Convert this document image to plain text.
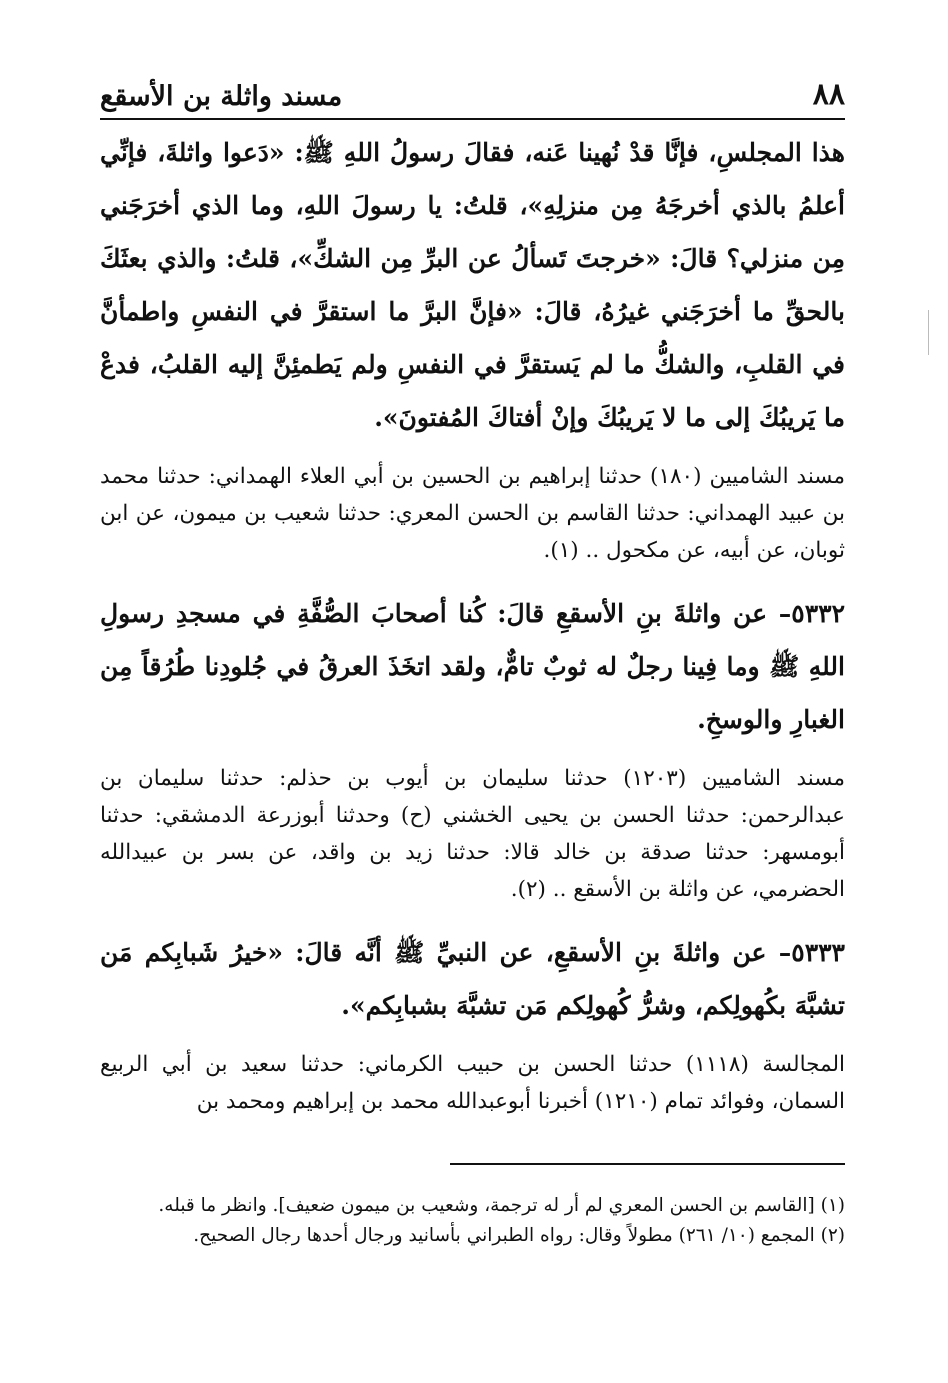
٨٨
مسند واثلة بن الأسقع

هذا المجلسِ، فإنَّا قدْ نُهينا عَنه، فقالَ رسولُ اللهِ ﷺ: «دَعوا واثلةَ، فإنِّي أعلمُ بالذي أخرجَهُ مِن منزلِهِ»، قلتُ: يا رسولَ اللهِ، وما الذي أخرَجَني مِن منزلي؟ قالَ: «خرجتَ تَسألُ عن البرِّ مِن الشكِّ»، قلتُ: والذي بعثَكَ بالحقِّ ما أخرَجَني غيرُهُ، قالَ: «فإنَّ البرَّ ما استقرَّ في النفسِ واطمأنَّ في القلبِ، والشكُّ ما لم يَستقرَّ في النفسِ ولم يَطمئِنَّ إليه القلبُ، فدعْ ما يَريبُكَ إلى ما لا يَريبُكَ وإنْ أفتاكَ المُفتونَ».

مسند الشاميين (١٨٠) حدثنا إبراهيم بن الحسين بن أبي العلاء الهمداني: حدثنا محمد بن عبيد الهمداني: حدثنا القاسم بن الحسن المعري: حدثنا شعيب بن ميمون، عن ابن ثوبان، عن أبيه، عن مكحول .. (١).

٥٣٣٢– عن واثلةَ بنِ الأسقعِ قالَ: كُنا أصحابَ الصُّفَّةِ في مسجدِ رسولِ اللهِ ﷺ وما فِينا رجلٌ له ثوبٌ تامٌّ، ولقد اتخَذَ العرقُ في جُلودِنا طُرُقاً مِن الغبارِ والوسخِ.

مسند الشاميين (١٢٠٣) حدثنا سليمان بن أيوب بن حذلم: حدثنا سليمان بن عبدالرحمن: حدثنا الحسن بن يحيى الخشني (ح) وحدثنا أبوزرعة الدمشقي: حدثنا أبومسهر: حدثنا صدقة بن خالد قالا: حدثنا زيد بن واقد، عن بسر بن عبيدالله الحضرمي، عن واثلة بن الأسقع .. (٢).

٥٣٣٣– عن واثلةَ بنِ الأسقعِ، عن النبيِّ ﷺ أنَّه قالَ: «خيرُ شَبابِكم مَن تشبَّهَ بكُهولِكم، وشرُّ كُهولِكم مَن تشبَّهَ بشبابِكم».

المجالسة (١١١٨) حدثنا الحسن بن حبيب الكرماني: حدثنا سعيد بن أبي الربيع السمان، وفوائد تمام (١٢١٠) أخبرنا أبوعبدالله محمد بن إبراهيم ومحمد بن

(١) [القاسم بن الحسن المعري لم أر له ترجمة، وشعيب بن ميمون ضعيف]. وانظر ما قبله.
(٢) المجمع (١٠/ ٢٦١) مطولاً وقال: رواه الطبراني بأسانيد ورجال أحدها رجال الصحيح.
